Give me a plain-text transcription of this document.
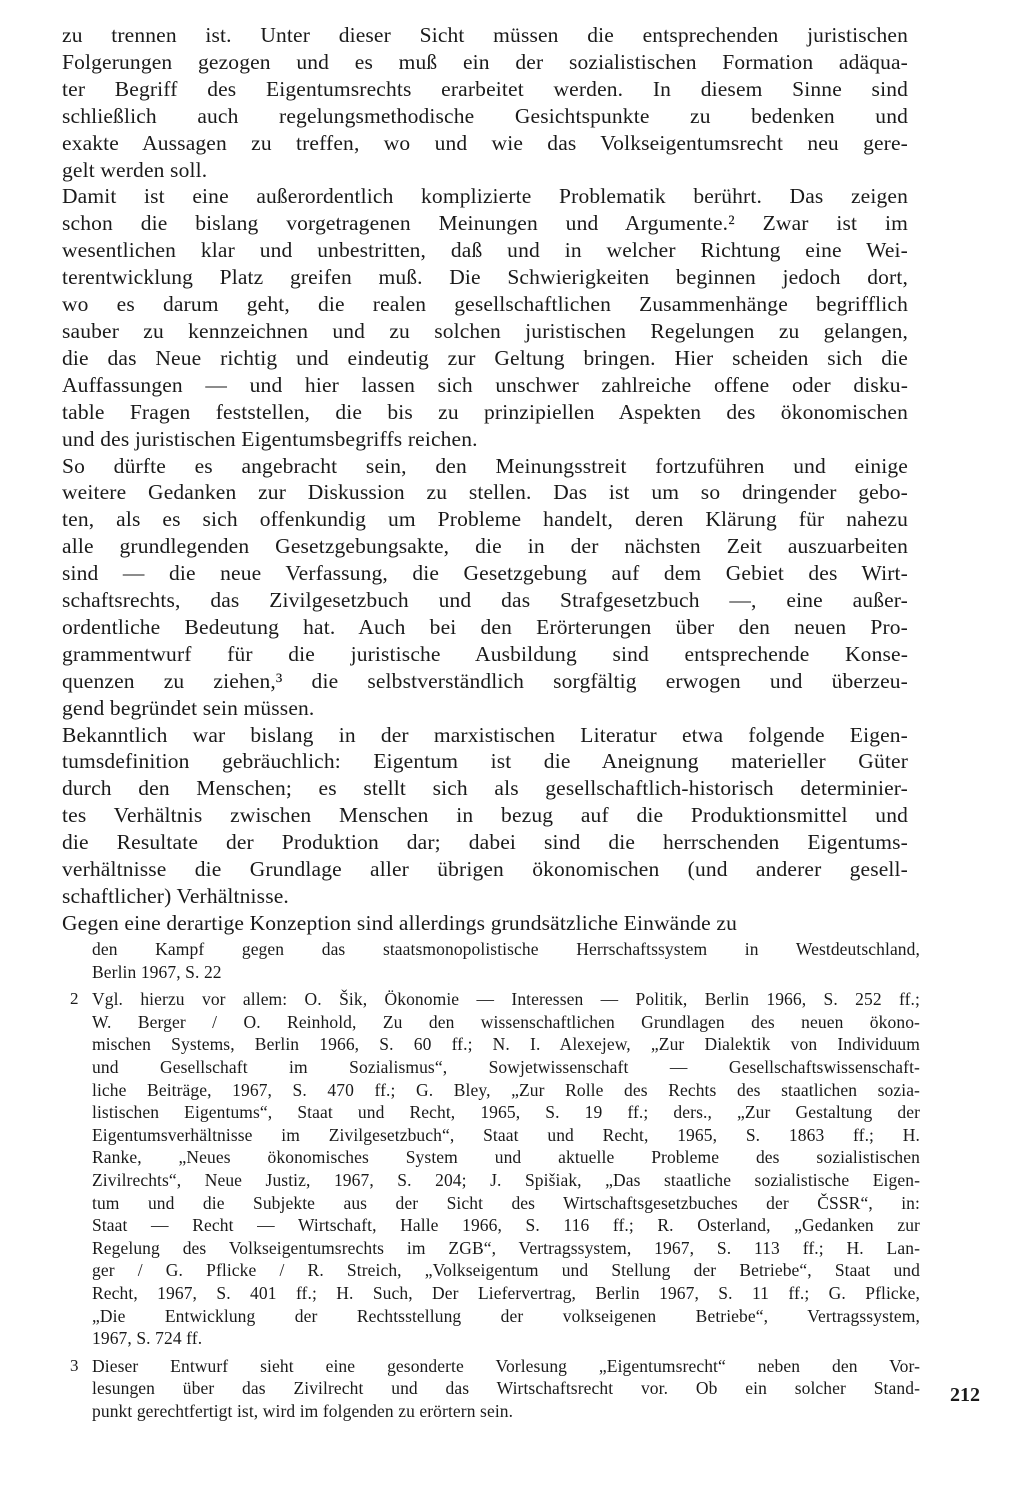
zu trennen ist. Unter dieser Sicht müssen die entsprechenden juristischen
Folgerungen gezogen und es muß ein der sozialistischen Formation adäqua-
ter Begriff des Eigentumsrechts erarbeitet werden. In diesem Sinne sind
schließlich auch regelungsmethodische Gesichtspunkte zu bedenken und
exakte Aussagen zu treffen, wo und wie das Volkseigentumsrecht neu gere-
gelt werden soll.

Damit ist eine außerordentlich komplizierte Problematik berührt. Das zeigen
schon die bislang vorgetragenen Meinungen und Argumente.² Zwar ist im
wesentlichen klar und unbestritten, daß und in welcher Richtung eine Wei-
terentwicklung Platz greifen muß. Die Schwierigkeiten beginnen jedoch dort,
wo es darum geht, die realen gesellschaftlichen Zusammenhänge begrifflich
sauber zu kennzeichnen und zu solchen juristischen Regelungen zu gelangen,
die das Neue richtig und eindeutig zur Geltung bringen. Hier scheiden sich die
Auffassungen — und hier lassen sich unschwer zahlreiche offene oder disku-
table Fragen feststellen, die bis zu prinzipiellen Aspekten des ökonomischen
und des juristischen Eigentumsbegriffs reichen.

So dürfte es angebracht sein, den Meinungsstreit fortzuführen und einige
weitere Gedanken zur Diskussion zu stellen. Das ist um so dringender gebo-
ten, als es sich offenkundig um Probleme handelt, deren Klärung für nahezu
alle grundlegenden Gesetzgebungsakte, die in der nächsten Zeit auszuarbeiten
sind — die neue Verfassung, die Gesetzgebung auf dem Gebiet des Wirt-
schaftsrechts, das Zivilgesetzbuch und das Strafgesetzbuch —, eine außer-
ordentliche Bedeutung hat. Auch bei den Erörterungen über den neuen Pro-
grammentwurf für die juristische Ausbildung sind entsprechende Konse-
quenzen zu ziehen,³ die selbstverständlich sorgfältig erwogen und überzeu-
gend begründet sein müssen.

Bekanntlich war bislang in der marxistischen Literatur etwa folgende Eigen-
tumsdefinition gebräuchlich: Eigentum ist die Aneignung materieller Güter
durch den Menschen; es stellt sich als gesellschaftlich-historisch determinier-
tes Verhältnis zwischen Menschen in bezug auf die Produktionsmittel und
die Resultate der Produktion dar; dabei sind die herrschenden Eigentums-
verhältnisse die Grundlage aller übrigen ökonomischen (und anderer gesell-
schaftlicher) Verhältnisse.

Gegen eine derartige Konzeption sind allerdings grundsätzliche Einwände zu

den Kampf gegen das staatsmonopolistische Herrschaftssystem in Westdeutschland,
Berlin 1967, S. 22
2 Vgl. hierzu vor allem: O. Šik, Ökonomie — Interessen — Politik, Berlin 1966, S. 252 ff.;
W. Berger / O. Reinhold, Zu den wissenschaftlichen Grundlagen des neuen ökono-
mischen Systems, Berlin 1966, S. 60 ff.; N. I. Alexejew, „Zur Dialektik von Individuum
und Gesellschaft im Sozialismus“, Sowjetwissenschaft — Gesellschaftswissenschaft-
liche Beiträge, 1967, S. 470 ff.; G. Bley, „Zur Rolle des Rechts des staatlichen sozia-
listischen Eigentums“, Staat und Recht, 1965, S. 19 ff.; ders., „Zur Gestaltung der
Eigentumsverhältnisse im Zivilgesetzbuch“, Staat und Recht, 1965, S. 1863 ff.; H.
Ranke, „Neues ökonomisches System und aktuelle Probleme des sozialistischen
Zivilrechts“, Neue Justiz, 1967, S. 204; J. Spišiak, „Das staatliche sozialistische Eigen-
tum und die Subjekte aus der Sicht des Wirtschaftsgesetzbuches der ČSSR“, in:
Staat — Recht — Wirtschaft, Halle 1966, S. 116 ff.; R. Osterland, „Gedanken zur
Regelung des Volkseigentumsrechts im ZGB“, Vertragssystem, 1967, S. 113 ff.; H. Lan-
ger / G. Pflicke / R. Streich, „Volkseigentum und Stellung der Betriebe“, Staat und
Recht, 1967, S. 401 ff.; H. Such, Der Liefervertrag, Berlin 1967, S. 11 ff.; G. Pflicke,
„Die Entwicklung der Rechtsstellung der volkseigenen Betriebe“, Vertragssystem,
1967, S. 724 ff.
3 Dieser Entwurf sieht eine gesonderte Vorlesung „Eigentumsrecht“ neben den Vor-
lesungen über das Zivilrecht und das Wirtschaftsrecht vor. Ob ein solcher Stand-
punkt gerechtfertigt ist, wird im folgenden zu erörtern sein.
212
